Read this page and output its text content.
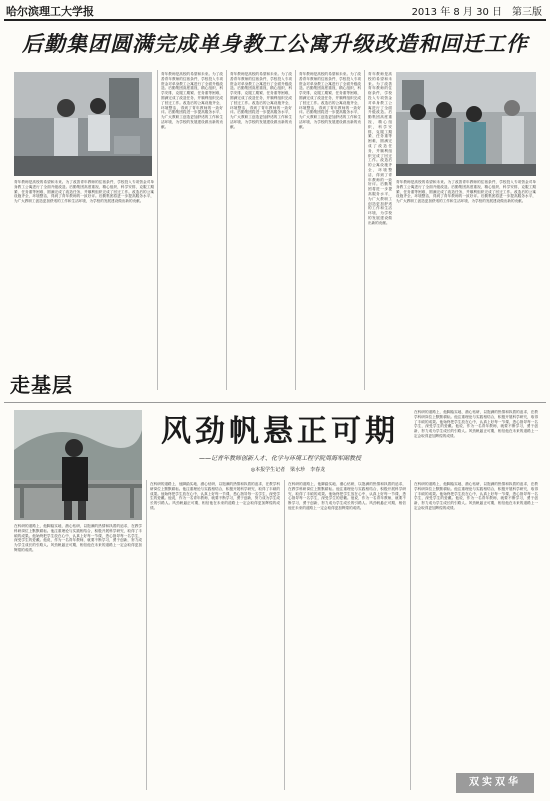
哈尔滨理工大学报	2013 年 8 月 30 日　第三版
后勤集团圆满完成单身教工公寓升级改造和回迁工作
青年教师是高校的希望和未来。为了改善青年教师的住宿条件，学校投入专项资金对单身教工公寓进行了全面升级改造。后勤集团高度重视，精心组织，科学安排，克服工期紧、任务重等困难，圆满完成了改造任务，并顺利组织完成了回迁工作。改造后的公寓设施齐全，环境整洁，得到了青年教师的一致好评。后勤集团将进一步提高服务水平，为广大教职工创造更加舒适的工作和生活环境，为学校的发展建设做出新的贡献。
青年教师是高校的希望和未来。为了改善青年教师的住宿条件，学校投入专项资金对单身教工公寓进行了全面升级改造。后勤集团高度重视，精心组织，科学安排，克服工期紧、任务重等困难，圆满完成了改造任务，并顺利组织完成了回迁工作。改造后的公寓设施齐全，环境整洁，得到了青年教师的一致好评。后勤集团将进一步提高服务水平，为广大教职工创造更加舒适的工作和生活环境，为学校的发展建设做出新的贡献。
青年教师是高校的希望和未来。为了改善青年教师的住宿条件，学校投入专项资金对单身教工公寓进行了全面升级改造。后勤集团高度重视，精心组织，科学安排，克服工期紧、任务重等困难，圆满完成了改造任务，并顺利组织完成了回迁工作。改造后的公寓设施齐全，环境整洁，得到了青年教师的一致好评。后勤集团将进一步提高服务水平，为广大教职工创造更加舒适的工作和生活环境，为学校的发展建设做出新的贡献。
青年教师是高校的希望和未来。为了改善青年教师的住宿条件，学校投入专项资金对单身教工公寓进行了全面升级改造。后勤集团高度重视，精心组织，科学安排，克服工期紧、任务重等困难，圆满完成了改造任务，并顺利组织完成了回迁工作。改造后的公寓设施齐全，环境整洁，得到了青年教师的一致好评。后勤集团将进一步提高服务水平，为广大教职工创造更加舒适的工作和生活环境，为学校的发展建设做出新的贡献。
青年教师是高校的希望和未来。为了改善青年教师的住宿条件，学校投入专项资金对单身教工公寓进行了全面升级改造。后勤集团高度重视，精心组织，科学安排，克服工期紧、任务重等困难，圆满完成了改造任务，并顺利组织完成了回迁工作。改造后的公寓设施齐全，环境整洁，得到了青年教师的一致好评。后勤集团将进一步提高服务水平，为广大教职工创造更加舒适的工作和生活环境，为学校的发展建设做出新的贡献。
青年教师是高校的希望和未来。为了改善青年教师的住宿条件，学校投入专项资金对单身教工公寓进行了全面升级改造。后勤集团高度重视，精心组织，科学安排，克服工期紧、任务重等困难，圆满完成了改造任务，并顺利组织完成了回迁工作。改造后的公寓设施齐全，环境整洁，得到了青年教师的一致好评。后勤集团将进一步提高服务水平，为广大教职工创造更加舒适的工作和生活环境，为学校的发展建设做出新的贡献。
走基层
风劲帆悬正可期
——记青年教师创新人才、化学与环境工程学院周海军副教授
◎本报学生记者　梁水珍　李春龙
在科研的道路上，他脚踏实地、潜心钻研，以饱满的热情和执着的追求，在教学科研岗位上默默耕耘。他注重理论与实践相结合，积极开展科学研究，取得了丰硕的成果。他始终把学生放在心中，认真上好每一节课，悉心指导每一名学生，深受学生的爱戴。他说，作为一名青年教师，就要不断学习，勇于创新，努力成为学生成长的引路人。风劲帆悬正可期，相信他在未来的道路上一定会取得更加辉煌的成绩。
在科研的道路上，他脚踏实地、潜心钻研，以饱满的热情和执着的追求，在教学科研岗位上默默耕耘。他注重理论与实践相结合，积极开展科学研究，取得了丰硕的成果。他始终把学生放在心中，认真上好每一节课，悉心指导每一名学生，深受学生的爱戴。他说，作为一名青年教师，就要不断学习，勇于创新，努力成为学生成长的引路人。风劲帆悬正可期，相信他在未来的道路上一定会取得更加辉煌的成绩。
在科研的道路上，他脚踏实地、潜心钻研，以饱满的热情和执着的追求，在教学科研岗位上默默耕耘。他注重理论与实践相结合，积极开展科学研究，取得了丰硕的成果。他始终把学生放在心中，认真上好每一节课，悉心指导每一名学生，深受学生的爱戴。他说，作为一名青年教师，就要不断学习，勇于创新，努力成为学生成长的引路人。风劲帆悬正可期，相信他在未来的道路上一定会取得更加辉煌的成绩。
在科研的道路上，他脚踏实地、潜心钻研，以饱满的热情和执着的追求，在教学科研岗位上默默耕耘。他注重理论与实践相结合，积极开展科学研究，取得了丰硕的成果。他始终把学生放在心中，认真上好每一节课，悉心指导每一名学生，深受学生的爱戴。他说，作为一名青年教师，就要不断学习，勇于创新，努力成为学生成长的引路人。风劲帆悬正可期，相信他在未来的道路上一定会取得更加辉煌的成绩。
在科研的道路上，他脚踏实地、潜心钻研，以饱满的热情和执着的追求，在教学科研岗位上默默耕耘。他注重理论与实践相结合，积极开展科学研究，取得了丰硕的成果。他始终把学生放在心中，认真上好每一节课，悉心指导每一名学生，深受学生的爱戴。他说，作为一名青年教师，就要不断学习，勇于创新，努力成为学生成长的引路人。风劲帆悬正可期，相信他在未来的道路上一定会取得更加辉煌的成绩。
双实双华
